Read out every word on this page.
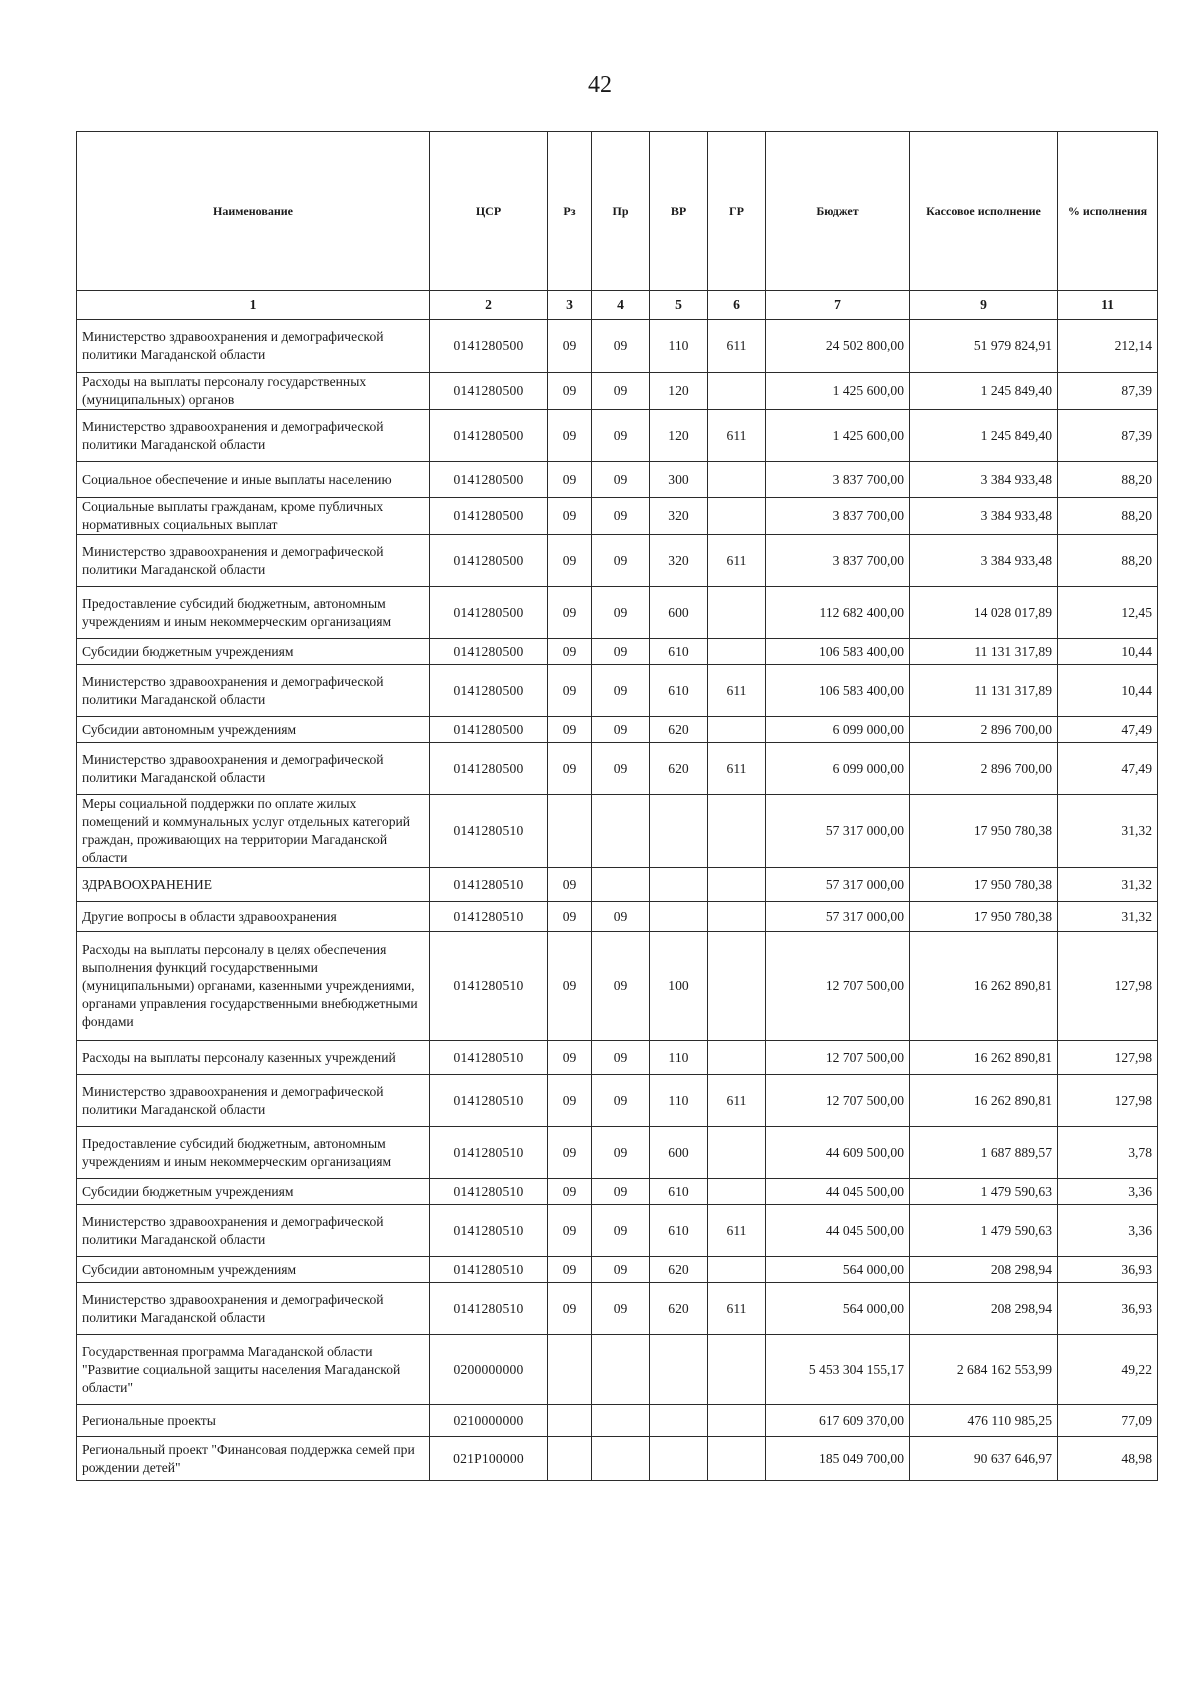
42
Наименование	ЦСР	Рз	Пр	ВР	ГР	Бюджет	Кассовое исполнение	% исполнения
1	2	3	4	5	6	7	9	11
Министерство здравоохранения и демографической политики Магаданской области	0141280500	09	09	110	611	24 502 800,00	51 979 824,91	212,14
Расходы на выплаты персоналу государственных (муниципальных) органов	0141280500	09	09	120		1 425 600,00	1 245 849,40	87,39
Министерство здравоохранения и демографической политики Магаданской области	0141280500	09	09	120	611	1 425 600,00	1 245 849,40	87,39
Социальное обеспечение и иные выплаты населению	0141280500	09	09	300		3 837 700,00	3 384 933,48	88,20
Социальные выплаты гражданам, кроме публичных нормативных социальных выплат	0141280500	09	09	320		3 837 700,00	3 384 933,48	88,20
Министерство здравоохранения и демографической политики Магаданской области	0141280500	09	09	320	611	3 837 700,00	3 384 933,48	88,20
Предоставление субсидий бюджетным, автономным учреждениям и иным некоммерческим организациям	0141280500	09	09	600		112 682 400,00	14 028 017,89	12,45
Субсидии бюджетным учреждениям	0141280500	09	09	610		106 583 400,00	11 131 317,89	10,44
Министерство здравоохранения и демографической политики Магаданской области	0141280500	09	09	610	611	106 583 400,00	11 131 317,89	10,44
Субсидии автономным учреждениям	0141280500	09	09	620		6 099 000,00	2 896 700,00	47,49
Министерство здравоохранения и демографической политики Магаданской области	0141280500	09	09	620	611	6 099 000,00	2 896 700,00	47,49
Меры социальной поддержки по оплате жилых помещений и коммунальных услуг отдельных категорий граждан, проживающих на территории Магаданской области	0141280510					57 317 000,00	17 950 780,38	31,32
ЗДРАВООХРАНЕНИЕ	0141280510	09				57 317 000,00	17 950 780,38	31,32
Другие вопросы в области здравоохранения	0141280510	09	09			57 317 000,00	17 950 780,38	31,32
Расходы на выплаты персоналу в целях обеспечения выполнения функций государственными (муниципальными) органами, казенными учреждениями, органами управления государственными внебюджетными фондами	0141280510	09	09	100		12 707 500,00	16 262 890,81	127,98
Расходы на выплаты персоналу казенных учреждений	0141280510	09	09	110		12 707 500,00	16 262 890,81	127,98
Министерство здравоохранения и демографической политики Магаданской области	0141280510	09	09	110	611	12 707 500,00	16 262 890,81	127,98
Предоставление субсидий бюджетным, автономным учреждениям и иным некоммерческим организациям	0141280510	09	09	600		44 609 500,00	1 687 889,57	3,78
Субсидии бюджетным учреждениям	0141280510	09	09	610		44 045 500,00	1 479 590,63	3,36
Министерство здравоохранения и демографической политики Магаданской области	0141280510	09	09	610	611	44 045 500,00	1 479 590,63	3,36
Субсидии автономным учреждениям	0141280510	09	09	620		564 000,00	208 298,94	36,93
Министерство здравоохранения и демографической политики Магаданской области	0141280510	09	09	620	611	564 000,00	208 298,94	36,93
Государственная программа Магаданской области "Развитие социальной защиты населения Магаданской области"	0200000000					5 453 304 155,17	2 684 162 553,99	49,22
Региональные проекты	0210000000					617 609 370,00	476 110 985,25	77,09
Региональный проект "Финансовая поддержка семей при рождении детей"	021P100000					185 049 700,00	90 637 646,97	48,98
